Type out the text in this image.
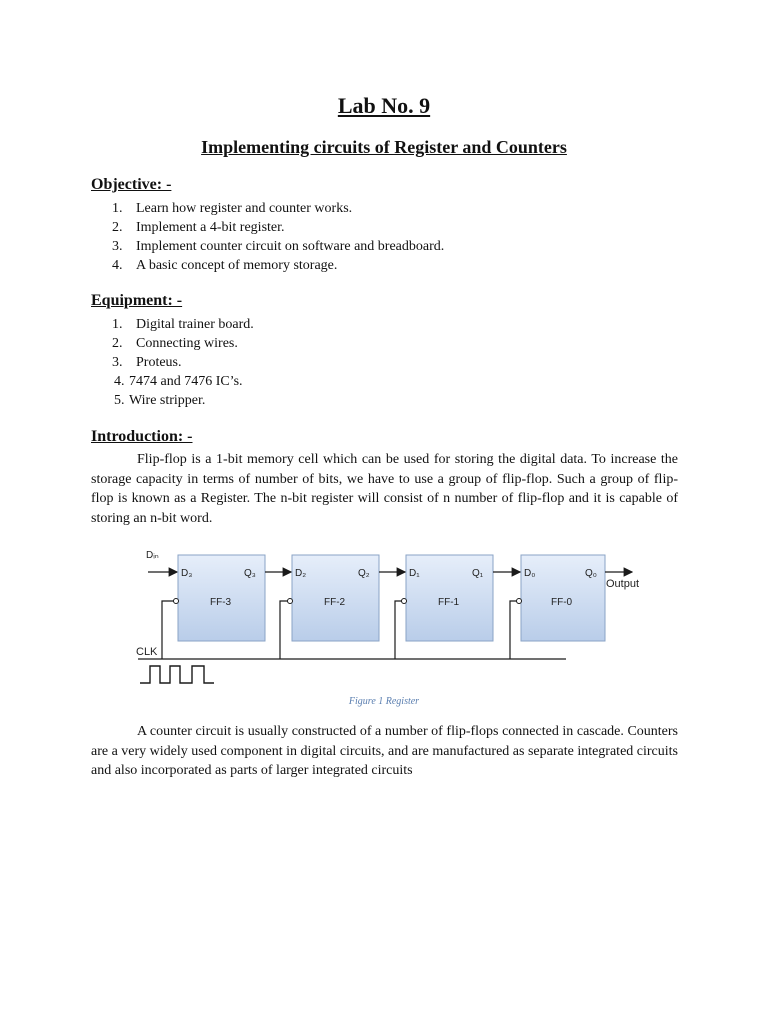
Lab No. 9
Implementing circuits of Register and Counters
Objective: -
1. Learn how register and counter works.
2. Implement a 4-bit register.
3. Implement counter circuit on software and breadboard.
4. A basic concept of memory storage.
Equipment: -
1. Digital trainer board.
2. Connecting wires.
3. Proteus.
4. 7474 and 7476 IC’s.
5. Wire stripper.
Introduction: -

Flip-flop is a 1-bit memory cell which can be used for storing the digital data. To increase the storage capacity in terms of number of bits, we have to use a group of flip-flop. Such a group of flip-flop is known as a Register. The n-bit register will consist of n number of flip-flop and it is capable of storing an n-bit word.

Dᵢₙ
D₃	Q₃
FF-3
D₂	Q₂
FF-2
D₁	Q₁
FF-1
D₀	Q₀
FF-0
Output
CLK

Figure 1 Register

A counter circuit is usually constructed of a number of flip-flops connected in cascade. Counters are a very widely used component in digital circuits, and are manufactured as separate integrated circuits and also incorporated as parts of larger integrated circuits
